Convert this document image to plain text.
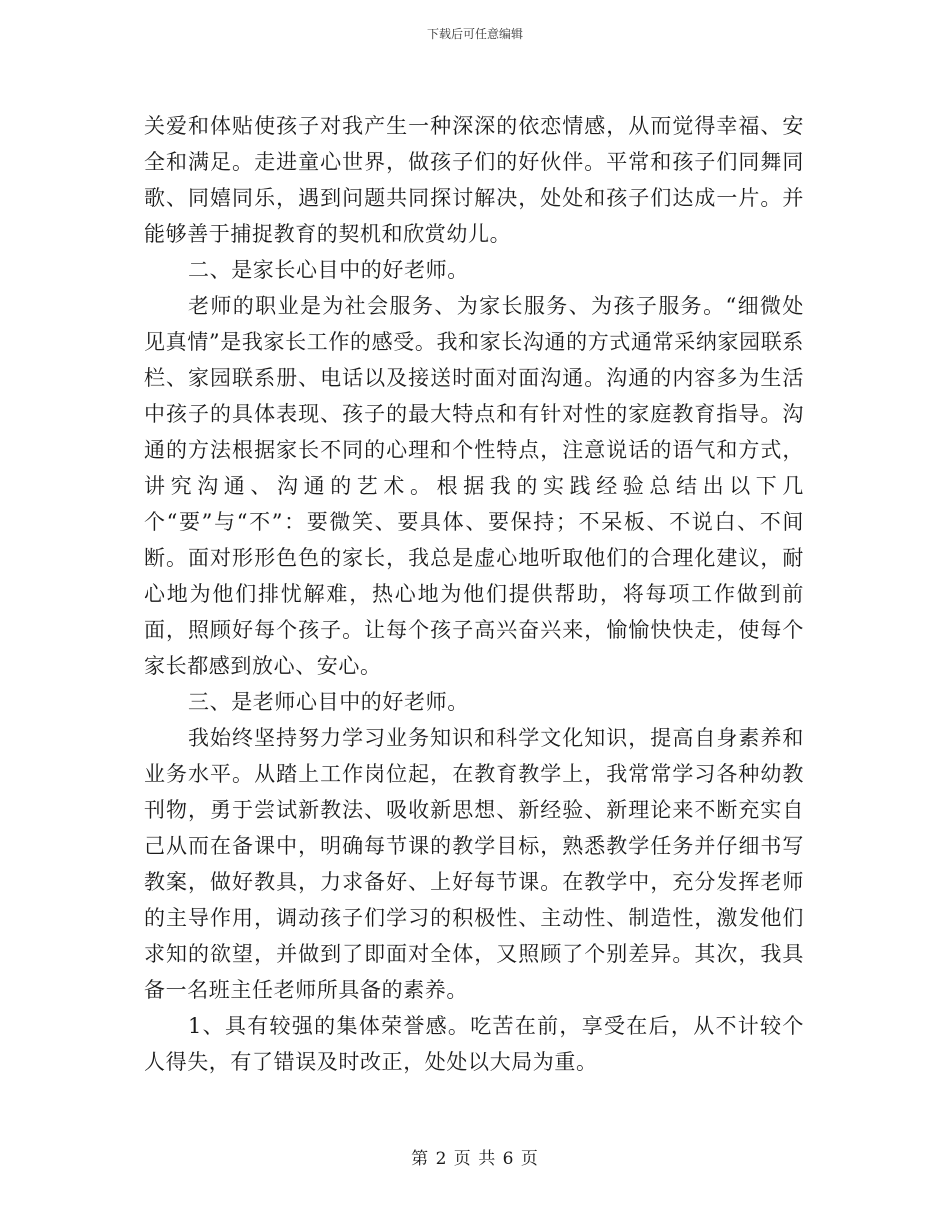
下载后可任意编辑

关爱和体贴使孩子对我产生一种深深的依恋情感，从而觉得幸福、安全和满足。走进童心世界，做孩子们的好伙伴。平常和孩子们同舞同歌、同嬉同乐，遇到问题共同探讨解决，处处和孩子们达成一片。并能够善于捕捉教育的契机和欣赏幼儿。

二、是家长心目中的好老师。

老师的职业是为社会服务、为家长服务、为孩子服务。“细微处见真情”是我家长工作的感受。我和家长沟通的方式通常采纳家园联系栏、家园联系册、电话以及接送时面对面沟通。沟通的内容多为生活中孩子的具体表现、孩子的最大特点和有针对性的家庭教育指导。沟通的方法根据家长不同的心理和个性特点，注意说话的语气和方式，讲究沟通、沟通的艺术。根据我的实践经验总结出以下几个“要”与“不”：要微笑、要具体、要保持；不呆板、不说白、不间断。面对形形色色的家长，我总是虚心地听取他们的合理化建议，耐心地为他们排忧解难，热心地为他们提供帮助，将每项工作做到前面，照顾好每个孩子。让每个孩子高兴奋兴来，愉愉快快走，使每个家长都感到放心、安心。

三、是老师心目中的好老师。

我始终坚持努力学习业务知识和科学文化知识，提高自身素养和业务水平。从踏上工作岗位起，在教育教学上，我常常学习各种幼教刊物，勇于尝试新教法、吸收新思想、新经验、新理论来不断充实自己从而在备课中，明确每节课的教学目标，熟悉教学任务并仔细书写教案，做好教具，力求备好、上好每节课。在教学中，充分发挥老师的主导作用，调动孩子们学习的积极性、主动性、制造性，激发他们求知的欲望，并做到了即面对全体，又照顾了个别差异。其次，我具备一名班主任老师所具备的素养。

1、具有较强的集体荣誉感。吃苦在前，享受在后，从不计较个人得失，有了错误及时改正，处处以大局为重。

第 2 页 共 6 页
